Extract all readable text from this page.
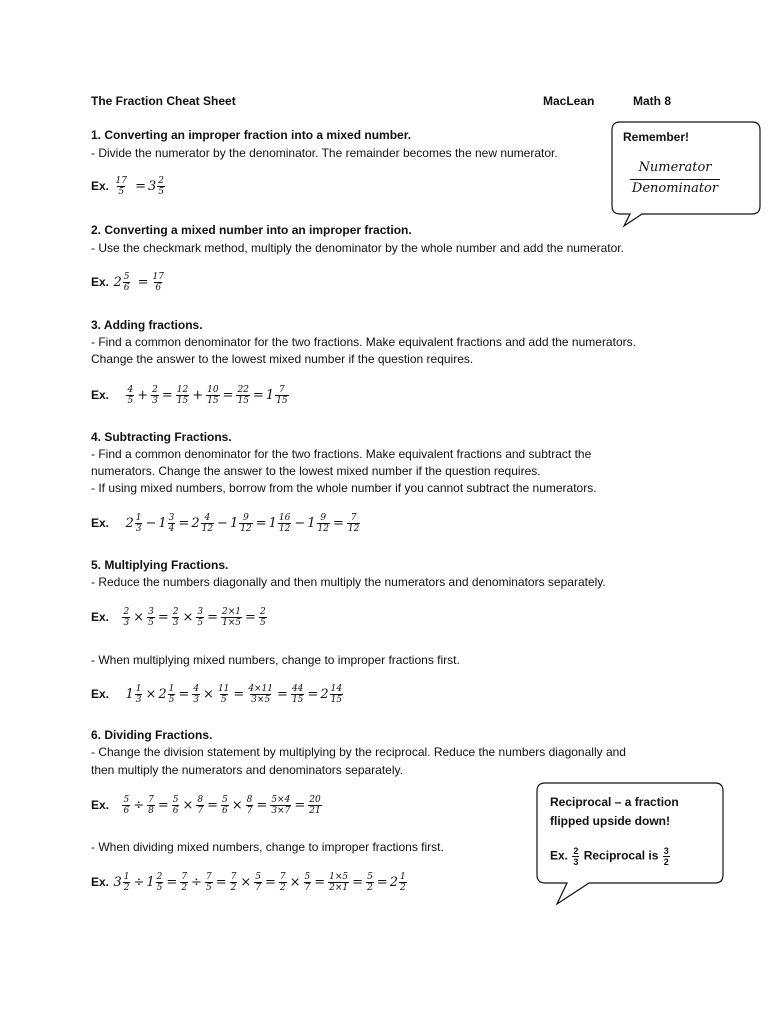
The Fraction Cheat Sheet	MacLean	Math 8
Remember!
Numerator
Denominator
1. Converting an improper fraction into a mixed number.
- Divide the numerator by the denominator. The remainder becomes the new numerator.
Ex. $\frac{17}{5} = 3 \frac{2}{5}$
2. Converting a mixed number into an improper fraction.
- Use the checkmark method, multiply the denominator by the whole number and add the numerator.
Ex. $2 \frac{5}{6} = \frac{17}{6}$
3. Adding fractions.
- Find a common denominator for the two fractions. Make equivalent fractions and add the numerators.
Change the answer to the lowest mixed number if the question requires.
Ex. $\frac{4}{5} + \frac{2}{3} = \frac{12}{15} + \frac{10}{15} = \frac{22}{15} = 1 \frac{7}{15}$
4. Subtracting Fractions.
- Find a common denominator for the two fractions. Make equivalent fractions and subtract the
numerators. Change the answer to the lowest mixed number if the question requires.
- If using mixed numbers, borrow from the whole number if you cannot subtract the numerators.
Ex. $2 \frac{1}{3} - 1 \frac{3}{4} = 2 \frac{4}{12} - 1 \frac{9}{12} = 1 \frac{16}{12} - 1 \frac{9}{12} = \frac{7}{12}$
5. Multiplying Fractions.
- Reduce the numbers diagonally and then multiply the numerators and denominators separately.
Ex. $\frac{2}{3} \times \frac{3}{5} = \frac{2}{3} \times \frac{3}{5} = \frac{2\times 1}{1\times 5} = \frac{2}{5}$
- When multiplying mixed numbers, change to improper fractions first.
Ex. $1 \frac{1}{3} \times 2 \frac{1}{5} = \frac{4}{3} \times \frac{11}{5} = \frac{4\times 11}{3\times 5} = \frac{44}{15} = 2 \frac{14}{15}$
6. Dividing Fractions.
- Change the division statement by multiplying by the reciprocal. Reduce the numbers diagonally and
then multiply the numerators and denominators separately.
Ex. $\frac{5}{6} \div \frac{7}{8} = \frac{5}{6} \times \frac{8}{7} = \frac{5}{6} \times \frac{8}{7} = \frac{5\times 4}{3\times 7} = \frac{20}{21}$
- When dividing mixed numbers, change to improper fractions first.
Ex. $3 \frac{1}{2} \div 1 \frac{2}{5} = \frac{7}{2} \div \frac{7}{5} = \frac{7}{2} \times \frac{5}{7} = \frac{7}{2} \times \frac{5}{7} = \frac{1\times 5}{2\times 1} = \frac{5}{2} = 2 \frac{1}{2}$
Reciprocal – a fraction
flipped upside down!
Ex. $\frac{2}{3}$ Reciprocal is $\frac{3}{2}$
